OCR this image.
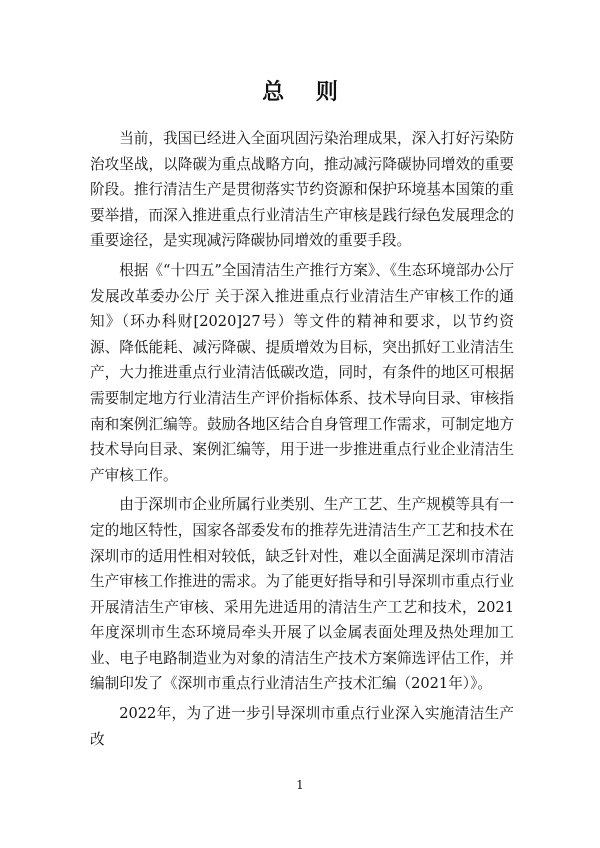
总 则

当前，我国已经进入全面巩固污染治理成果，深入打好污染防治攻坚战，以降碳为重点战略方向，推动减污降碳协同增效的重要阶段。推行清洁生产是贯彻落实节约资源和保护环境基本国策的重要举措，而深入推进重点行业清洁生产审核是践行绿色发展理念的重要途径，是实现减污降碳协同增效的重要手段。

根据《“十四五”全国清洁生产推行方案》、《生态环境部办公厅 发展改革委办公厅 关于深入推进重点行业清洁生产审核工作的通知》（环办科财[2020]27号）等文件的精神和要求，以节约资源、降低能耗、减污降碳、提质增效为目标，突出抓好工业清洁生产，大力推进重点行业清洁低碳改造，同时，有条件的地区可根据需要制定地方行业清洁生产评价指标体系、技术导向目录、审核指南和案例汇编等。鼓励各地区结合自身管理工作需求，可制定地方技术导向目录、案例汇编等，用于进一步推进重点行业企业清洁生产审核工作。

由于深圳市企业所属行业类别、生产工艺、生产规模等具有一定的地区特性，国家各部委发布的推荐先进清洁生产工艺和技术在深圳市的适用性相对较低，缺乏针对性，难以全面满足深圳市清洁生产审核工作推进的需求。为了能更好指导和引导深圳市重点行业开展清洁生产审核、采用先进适用的清洁生产工艺和技术，2021年度深圳市生态环境局牵头开展了以金属表面处理及热处理加工业、电子电路制造业为对象的清洁生产技术方案筛选评估工作，并编制印发了《深圳市重点行业清洁生产技术汇编（2021年）》。

2022年，为了进一步引导深圳市重点行业深入实施清洁生产改

1
